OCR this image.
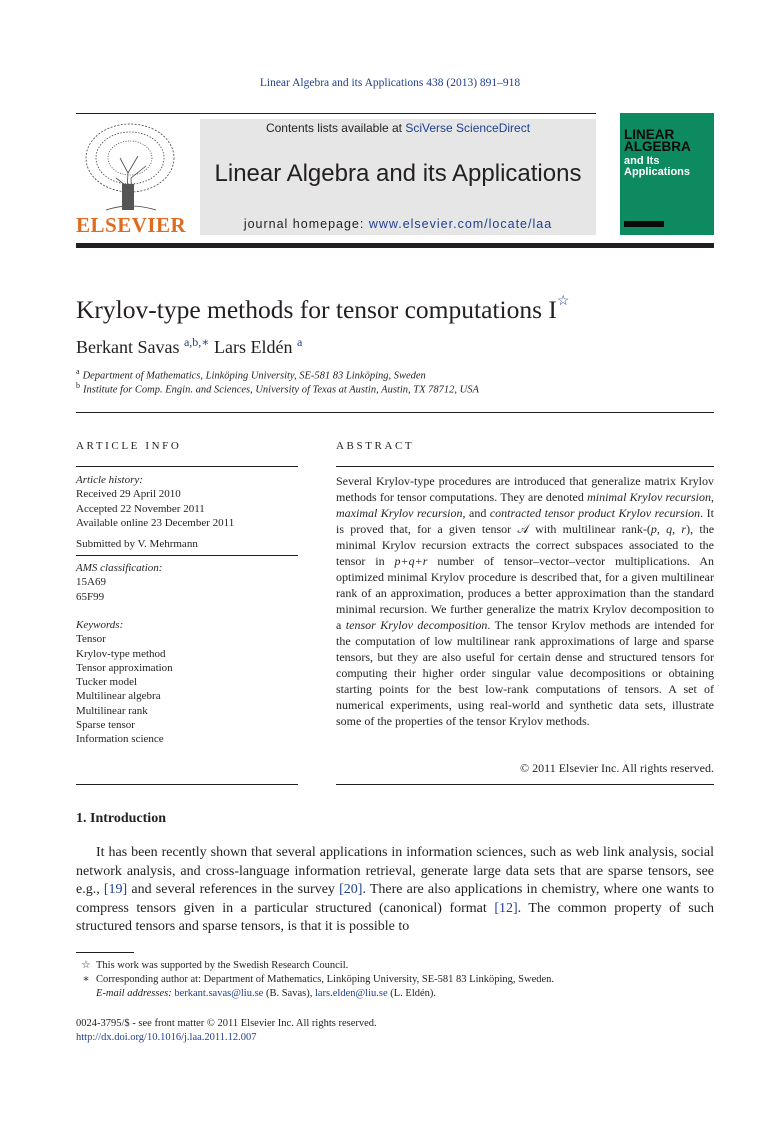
Linear Algebra and its Applications 438 (2013) 891–918
ELSEVIER
Contents lists available at SciVerse ScienceDirect
Linear Algebra and its Applications
journal homepage: www.elsevier.com/locate/laa
LINEAR ALGEBRA
and Its Applications
Krylov-type methods for tensor computations I☆
Berkant Savas $^{a,b,∗}$ Lars Eldén $^a$
$^a$ Department of Mathematics, Linköping University, SE-581 83 Linköping, Sweden
$^b$ Institute for Comp. Engin. and Sciences, University of Texas at Austin, Austin, TX 78712, USA
ARTICLE INFO	ABSTRACT
Article history:
Received 29 April 2010
Accepted 22 November 2011
Available online 23 December 2011
Submitted by V. Mehrmann
AMS classification:
15A69
65F99
Keywords:
Tensor
Krylov-type method
Tensor approximation
Tucker model
Multilinear algebra
Multilinear rank
Sparse tensor
Information science

Several Krylov-type procedures are introduced that generalize matrix Krylov methods for tensor computations. They are denoted minimal Krylov recursion, maximal Krylov recursion, and contracted tensor product Krylov recursion. It is proved that, for a given tensor 𝒜 with multilinear rank-(p, q, r), the minimal Krylov recursion extracts the correct subspaces associated to the tensor in p+q+r number of tensor–vector–vector multiplications. An optimized minimal Krylov procedure is described that, for a given multilinear rank of an approximation, produces a better approximation than the standard minimal recursion. We further generalize the matrix Krylov decomposition to a tensor Krylov decomposition. The tensor Krylov methods are intended for the computation of low multilinear rank approximations of large and sparse tensors, but they are also useful for certain dense and structured tensors for computing their higher order singular value decompositions or obtaining starting points for the best low-rank computations of tensors. A set of numerical experiments, using real-world and synthetic data sets, illustrate some of the properties of the tensor Krylov methods.

© 2011 Elsevier Inc. All rights reserved.
1. Introduction

It has been recently shown that several applications in information sciences, such as web link analysis, social network analysis, and cross-language information retrieval, generate large data sets that are sparse tensors, see e.g., [19] and several references in the survey [20]. There are also applications in chemistry, where one wants to compress tensors given in a particular structured (canonical) format [12]. The common property of such structured tensors and sparse tensors, is that it is possible to

☆ This work was supported by the Swedish Research Council.
∗ Corresponding author at: Department of Mathematics, Linköping University, SE-581 83 Linköping, Sweden.
E-mail addresses: berkant.savas@liu.se (B. Savas), lars.elden@liu.se (L. Eldén).
0024-3795/$ - see front matter © 2011 Elsevier Inc. All rights reserved.
http://dx.doi.org/10.1016/j.laa.2011.12.007
